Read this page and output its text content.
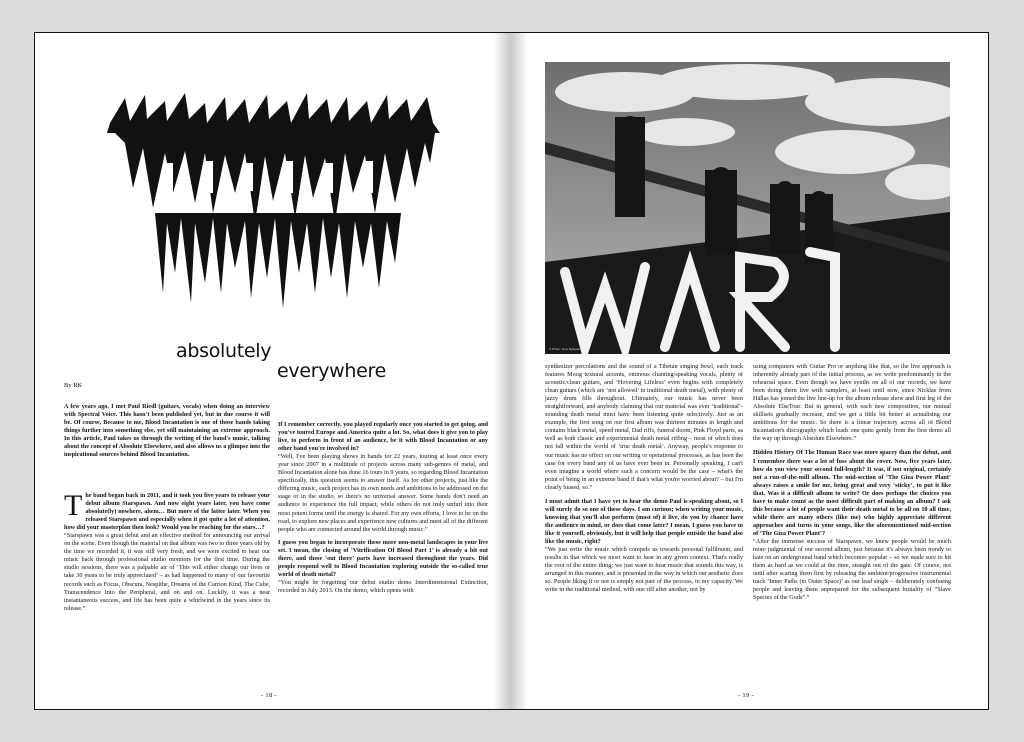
absolutely
everywhere
By RK

A few years ago, I met Paul Riedl (guitars, vocals) when doing an interview with Spectral Voice. This hasn't been published yet, but in due course it will be. Of course, Because to me, Blood Incantation is one of those bands taking things further into something else, yet still maintaining an extreme approach. In this article, Paul takes us through the writing of the band's music, talking about the concept of Absolute Elsewhere, and also allows us a glimpse into the inspirational sources behind Blood Incantation.

T he band began back in 2011, and it took you five years to release your debut album Starspawn. And now eight years later, you have come absolute(ly) nowhere, ahem… But more of the latter later. When you released Starspawn and especially when it got quite a lot of attention, how did your masterplan then look? Would you be reaching for the stars…?

“Starspawn was a great debut and an effective method for announcing our arrival on the scene. Even though the material on that album was two to three years old by the time we recorded it, it was still very fresh, and we were excited to hear our music back through professional studio monitors for the first time. During the studio sessions, there was a palpable air of ‘This will either change our lives or take 30 years to be truly appreciated’ – as had happened to many of our favourite records such as Focus, Obscura, Nespithe, Dreams of the Carrion Kind, The Cube, Transcendence Into the Peripheral, and on and on. Luckily, it was a near instantaneous success, and life has been quite a whirlwind in the years since its release.”

If I remember correctly, you played regularly once you started to get going, and you've toured Europe and America quite a lot. So, what does it give you to play live, to perform in front of an audience, be it with Blood Incantation or any other band you're involved in?

“Well, I've been playing shows in bands for 22 years, touring at least once every year since 2007 in a multitude of projects across many sub-genres of metal, and Blood Incantation alone has done 16 tours in 9 years, so regarding Blood Incantation specifically, this question seems to answer itself. As for other projects, just like the differing music, each project has its own needs and ambitions to be addressed on the stage or in the studio, so there's no universal answer. Some bands don't need an audience to experience the full impact, while others do not truly unfurl into their most potent forms until the energy is shared. For my own efforts, I love to be on the road, to explore new places and experience new cultures and meet all of the different people who are connected around the world through music.”

I guess you began to incorporate these more non-metal landscapes in your live set. I mean, the closing of ‘Vitrification Of Blood Part 1’ is already a bit out there, and these ‘out there’ parts have increased throughout the years. Did people respond well to Blood Incantation exploring outside the so-called true world of death metal?

“You might be forgetting our debut studio demo Interdimensional Extinction, recorded in July 2013. On the demo, which opens with

- 18 -
© Photo: Jens Rydgren

synthesizer percolations and the sound of a Tibetan singing bowl, each track features Moog textural accents, ominous chanting/speaking vocals, plenty of acoustic/clean guitars, and ‘Hovering Lifeless’ even begins with completely clean guitars (which are ‘not allowed’ in traditional death metal), with plenty of jazzy drum fills throughout. Ultimately, our music has never been straightforward, and anybody claiming that our material was ever ‘traditional’-sounding death metal must have been listening quite selectively. Just as an example, the first song on our first album was thirteen minutes in length and contains black metal, speed metal, Dad riffs, funeral doom, Pink Floyd parts, as well as both classic and experimental death metal riffing – most of which does not fall within the world of ‘true death metal’. Anyway, people's response to our music has no effect on our writing or operational processes, as has been the case for every band any of us have ever been in. Personally speaking, I can't even imagine a world where such a concern would be the case – what's the point of being in an extreme band if that's what you're worried about? – but I'm clearly biased, so.”

I must admit that I have yet to hear the demo Paul is speaking about, so I will surely do so one of these days. I am curious; when writing your music, knowing that you'll also perform (most of) it live, do you by chance have the audience in mind, or does that come later? I mean, I guess you have to like it yourself, obviously, but it will help that people outside the band also like the music, right?

“We just write the music which compels us towards personal fulfilment, and results in that which we most want to hear in any given context. That's really the root of the entire thing; we just want to hear music that sounds this way, is arranged in this manner, and is presented in the way in which our aesthetic does so. People liking it or not is simply not part of the process, in my capacity. We write in the traditional method, with one riff after another, not by

using computers with Guitar Pro or anything like that, so the live approach is inherently already part of the initial process, as we write predominantly in the rehearsal space. Even though we have synths on all of our records, we have been doing them live with samplers, at least until now, since Nicklas from Hällas has joined the live line-up for the album release show and first leg of the Absolute ElseTour. But in general, with each new composition, our mutual skillsets gradually increase, and we get a little bit better at actualising our ambitions for the music. So there is a linear trajectory across all of Blood Incantation's discography which leads one quite gently from the first demo all the way up through Absolute Elsewhere.”

Hidden History Of The Human Race was more spacey than the debut, and I remember there was a lot of fuss about the cover. Now, five years later, how do you view your second full-length? It was, if not original, certainly not a run-of-the-mill album. The mid-section of ‘The Giza Power Plant’ always raises a smile for me, being great and very ‘sticky’, to put it like that. Was it a difficult album to write? Or does perhaps the choices you have to make count as the most difficult part of making an album? I ask this because a lot of people want their death metal to be all on 10 all time, while there are many others (like me) who highly appreciate different approaches and turns in your songs, like the aforementioned mid-section of ‘The Giza Power Plant’?

“After the immense success of Starspawn, we knew people would be much more judgmental of our second album, just because it's always been trendy to hate on an underground band which becomes popular – so we made sure to hit them as hard as we could at the time, straight out of the gate. Of course, not until after scaring them first by releasing the ambient/progressive instrumental track ‘Inner Paths (to Outer Space)’ as our lead single – deliberately confusing people and leaving them unprepared for the subsequent brutality of “Slave Species of the Gods”.”

- 19 -
